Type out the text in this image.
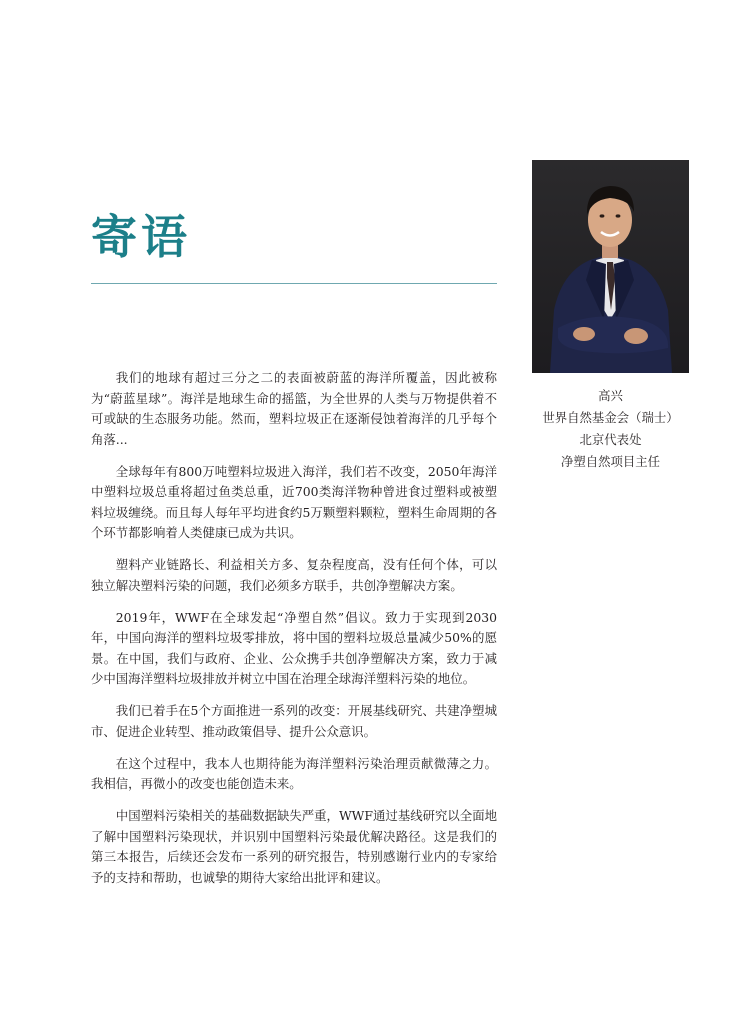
寄语

我们的地球有超过三分之二的表面被蔚蓝的海洋所覆盖，因此被称为“蔚蓝星球”。海洋是地球生命的摇篮，为全世界的人类与万物提供着不可或缺的生态服务功能。然而，塑料垃圾正在逐渐侵蚀着海洋的几乎每个角落...

全球每年有800万吨塑料垃圾进入海洋，我们若不改变，2050年海洋中塑料垃圾总重将超过鱼类总重，近700类海洋物种曾进食过塑料或被塑料垃圾缠绕。而且每人每年平均进食约5万颗塑料颗粒，塑料生命周期的各个环节都影响着人类健康已成为共识。

塑料产业链路长、利益相关方多、复杂程度高，没有任何个体，可以独立解决塑料污染的问题，我们必须多方联手，共创净塑解决方案。

2019年，WWF在全球发起“净塑自然”倡议。致力于实现到2030年，中国向海洋的塑料垃圾零排放，将中国的塑料垃圾总量减少50%的愿景。在中国，我们与政府、企业、公众携手共创净塑解决方案，致力于减少中国海洋塑料垃圾排放并树立中国在治理全球海洋塑料污染的地位。

我们已着手在5个方面推进一系列的改变：开展基线研究、共建净塑城市、促进企业转型、推动政策倡导、提升公众意识。

在这个过程中，我本人也期待能为海洋塑料污染治理贡献微薄之力。我相信，再微小的改变也能创造未来。

中国塑料污染相关的基础数据缺失严重，WWF通过基线研究以全面地了解中国塑料污染现状，并识别中国塑料污染最优解决路径。这是我们的第三本报告，后续还会发布一系列的研究报告，特别感谢行业内的专家给予的支持和帮助，也诚挚的期待大家给出批评和建议。

高兴
世界自然基金会（瑞士）
北京代表处
净塑自然项目主任
